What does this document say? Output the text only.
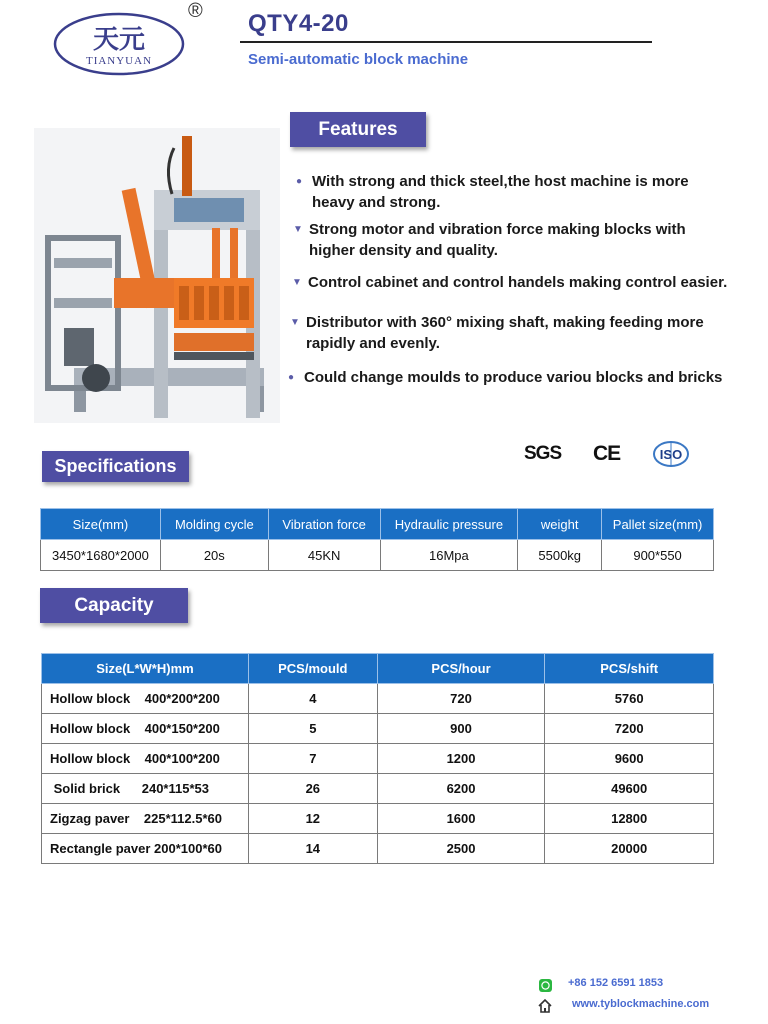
天元
TIANYUAN
® QTY4-20
Semi-automatic block machine
Features
● With strong and thick steel,the host machine is more heavy and strong.
▼ Strong motor and vibration force making blocks with higher density and quality.
▼ Control cabinet and control handels making control easier.
▼ Distributor with 360° mixing shaft, making feeding more rapidly and evenly.
● Could change moulds to produce variou blocks and bricks
SGS CE	ISO
Specifications
Size(mm)	Molding cycle	Vibration force	Hydraulic pressure	weight	Pallet size(mm)
3450*1680*2000	20s	45KN	16Mpa	5500kg	900*550
Capacity
Size(L*W*H)mm	PCS/mould	PCS/hour	PCS/shift
Hollow block    400*200*200	4	720	5760
Hollow block    400*150*200	5	900	7200
Hollow block    400*100*200	7	1200	9600
Solid brick      240*115*53	26	6200	49600
Zigzag paver    225*112.5*60	12	1600	12800
Rectangle paver 200*100*60	14	2500	20000
+86 152 6591 1853
www.tyblockmachine.com
